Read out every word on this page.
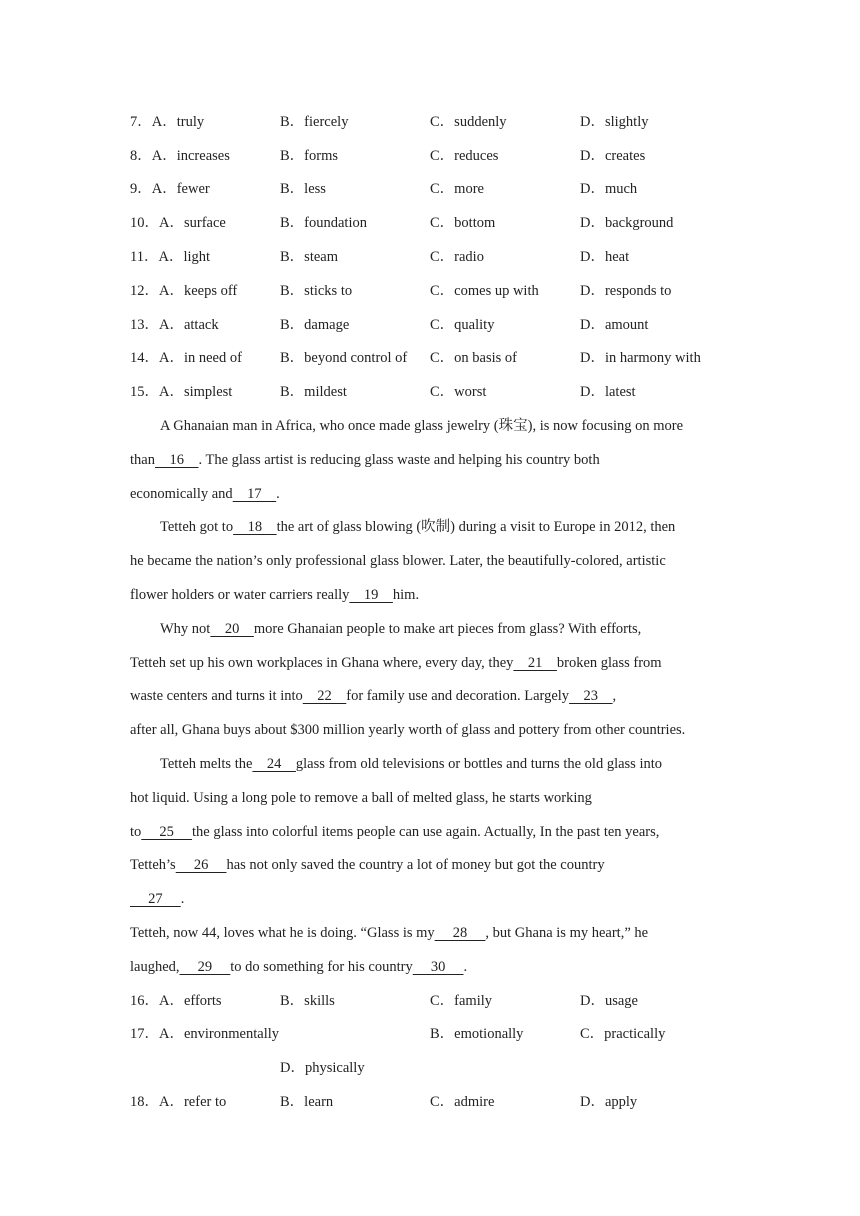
7．A．truly	B．fiercely	C．suddenly	D．slightly
8．A．increases	B．forms	C．reduces	D．creates
9．A．fewer	B．less	C．more	D．much
10．A．surface	B．foundation	C．bottom	D．background
11．A．light	B．steam	C．radio	D．heat
12．A．keeps off	B．sticks to	C．comes up with	D．responds to
13．A．attack	B．damage	C．quality	D．amount
14．A．in need of	B．beyond control of C．on basis of	D．in harmony with
15．A．simplest	B．mildest	C．worst	D．latest
A Ghanaian man in Africa, who once made glass jewelry (珠宝), is now focusing on more
than    16    . The glass artist is reducing glass waste and helping his country both
economically and    17    .
Tetteh got to    18    the art of glass blowing (吹制) during a visit to Europe in 2012, then
he became the nation’s only professional glass blower. Later, the beautifully-colored, artistic
flower holders or water carriers really    19    him.
Why not    20    more Ghanaian people to make art pieces from glass? With efforts,
Tetteh set up his own workplaces in Ghana where, every day, they    21    broken glass from
waste centers and turns it into    22    for family use and decoration. Largely    23    ,
after all, Ghana buys about $300 million yearly worth of glass and pottery from other countries.
Tetteh melts the    24    glass from old televisions or bottles and turns the old glass into
hot liquid. Using a long pole to remove a ball of melted glass, he starts working
to     25     the glass into colorful items people can use again. Actually, In the past ten years,
Tetteh’s     26     has not only saved the country a lot of money but got the country
27     .
Tetteh, now 44, loves what he is doing. “Glass is my     28     , but Ghana is my heart,” he
laughed,     29     to do something for his country     30     .
16．A．efforts	B．skills	C．family	D．usage
17．A．environmentally	B．emotionally	C．practically
D．physically
18．A．refer to	B．learn	C．admire	D．apply
